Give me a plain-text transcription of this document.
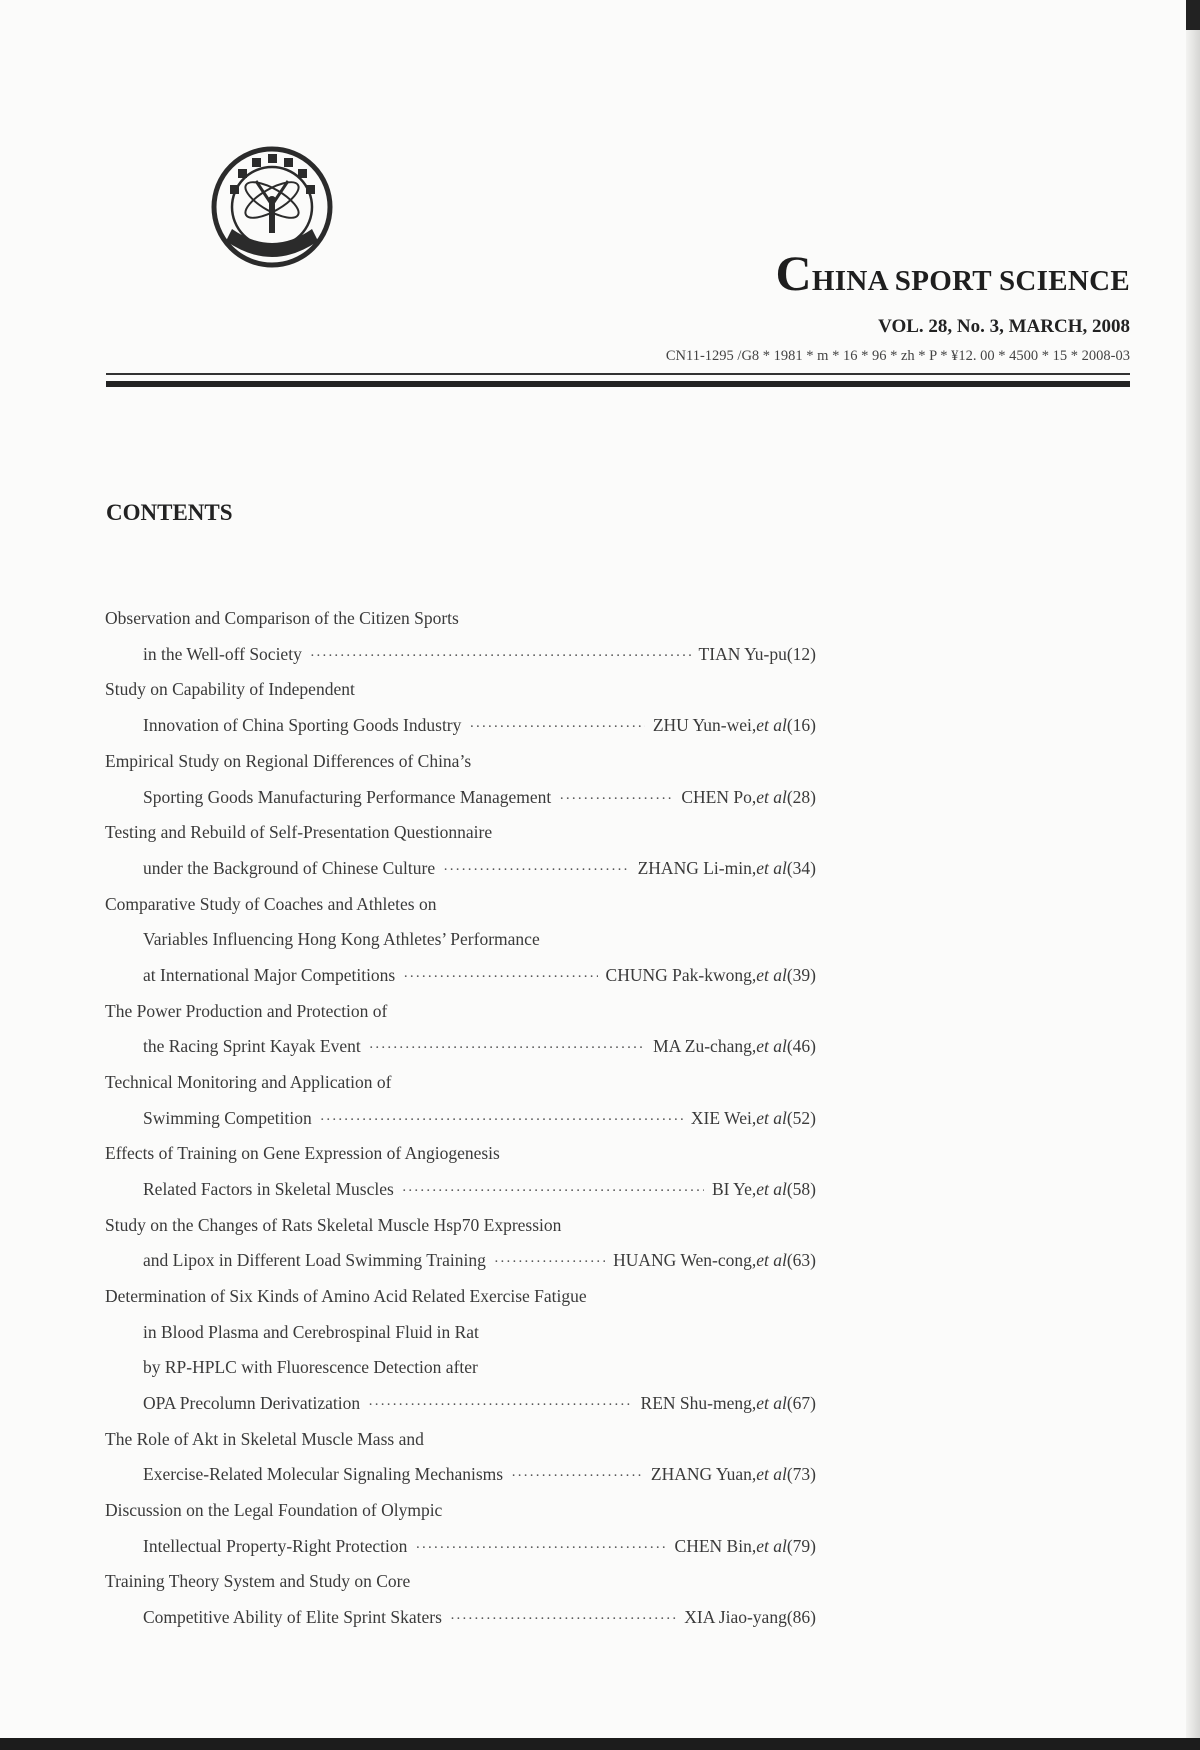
CHINA SPORT SCIENCE
VOL. 28, No. 3, MARCH, 2008
CN11-1295 /G8 * 1981 * m * 16 * 96 * zh * P * ¥12. 00 * 4500 * 15 * 2008-03
CONTENTS
Observation and Comparison of the Citizen Sports
in the Well-off Society ·····	TIAN Yu-pu(12)
Study on Capability of Independent
Innovation of China Sporting Goods Industry ·····	ZHU Yun-wei,et al(16)
Empirical Study on Regional Differences of China’s
Sporting Goods Manufacturing Performance Management ·····	CHEN Po,et al(28)
Testing and Rebuild of Self-Presentation Questionnaire
under the Background of Chinese Culture ·····	ZHANG Li-min,et al(34)
Comparative Study of Coaches and Athletes on
Variables Influencing Hong Kong Athletes’ Performance
at International Major Competitions ·····	CHUNG Pak-kwong,et al(39)
The Power Production and Protection of
the Racing Sprint Kayak Event ·····	MA Zu-chang,et al(46)
Technical Monitoring and Application of
Swimming Competition ·····	XIE Wei,et al(52)
Effects of Training on Gene Expression of Angiogenesis
Related Factors in Skeletal Muscles ·····	BI Ye,et al(58)
Study on the Changes of Rats Skeletal Muscle Hsp70 Expression
and Lipox in Different Load Swimming Training ·····	HUANG Wen-cong,et al(63)
Determination of Six Kinds of Amino Acid Related Exercise Fatigue
in Blood Plasma and Cerebrospinal Fluid in Rat
by RP-HPLC with Fluorescence Detection after
OPA Precolumn Derivatization ·····	REN Shu-meng,et al(67)
The Role of Akt in Skeletal Muscle Mass and
Exercise-Related Molecular Signaling Mechanisms ·····	ZHANG Yuan,et al(73)
Discussion on the Legal Foundation of Olympic
Intellectual Property-Right Protection ·····	CHEN Bin,et al(79)
Training Theory System and Study on Core
Competitive Ability of Elite Sprint Skaters ·····	XIA Jiao-yang(86)
